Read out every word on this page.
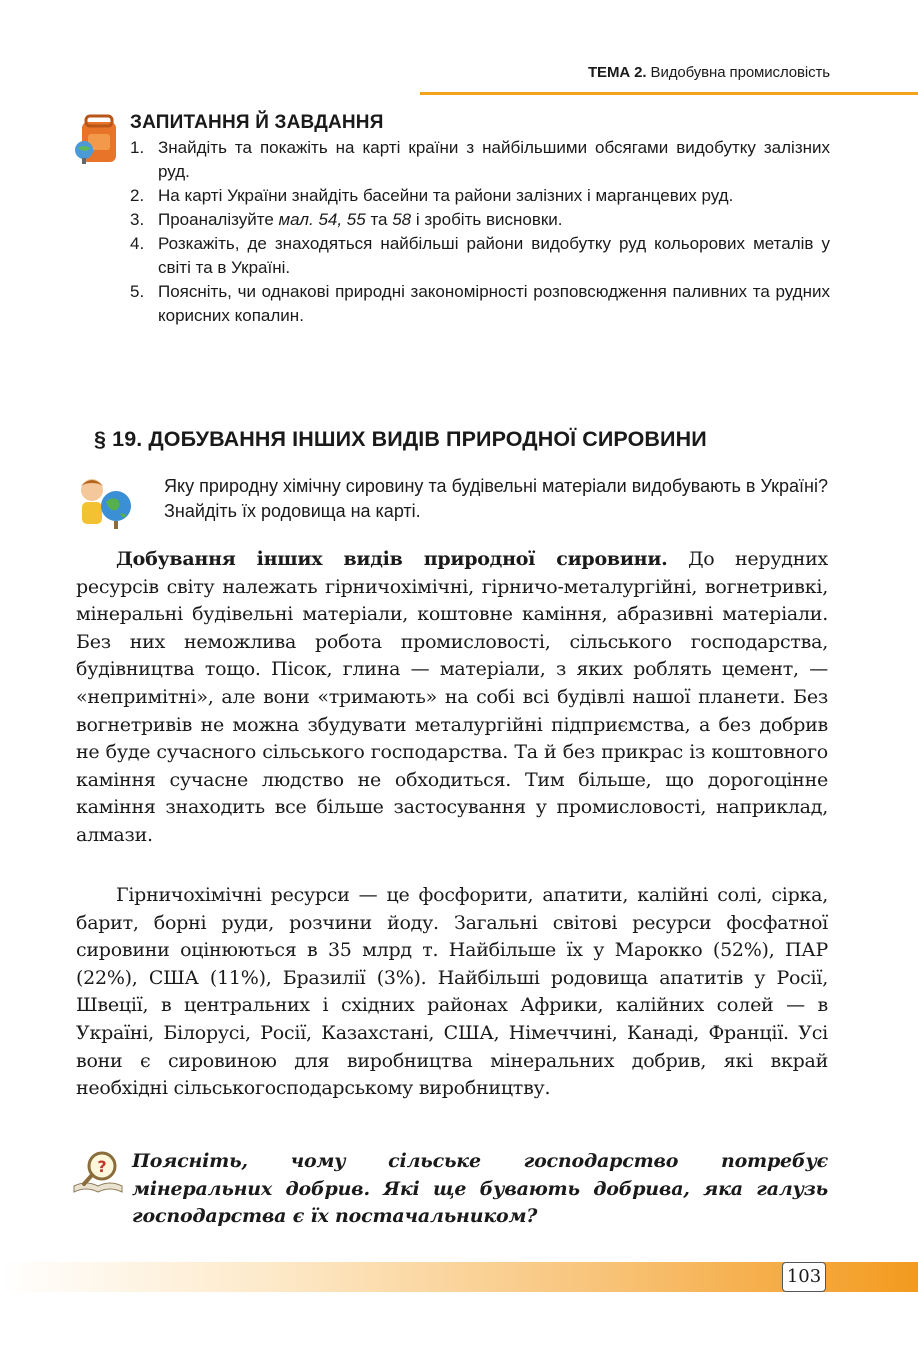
ТЕМА 2. Видобувна промисловість
ЗАПИТАННЯ Й ЗАВДАННЯ
1. Знайдіть та покажіть на карті країни з найбільшими обсягами видобутку залізних руд.
2. На карті України знайдіть басейни та райони залізних і марганцевих руд.
3. Проаналізуйте мал. 54, 55 та 58 і зробіть висновки.
4. Розкажіть, де знаходяться найбільші райони видобутку руд кольорових металів у світі та в Україні.
5. Поясніть, чи однакові природні закономірності розповсюдження паливних та рудних корисних копалин.
§ 19. ДОБУВАННЯ ІНШИХ ВИДІВ ПРИРОДНОЇ СИРОВИНИ
Яку природну хімічну сировину та будівельні матеріали видобувають в Україні? Знайдіть їх родовища на карті.

Добування інших видів природної сировини. До нерудних ресурсів світу належать гірничохімічні, гірничо-металургійні, вогнетривкі, мінеральні будівельні матеріали, коштовне каміння, абразивні матеріали. Без них неможлива робота промисловості, сільського господарства, будівництва тощо. Пісок, глина — матеріали, з яких роблять цемент, — «непримітні», але вони «тримають» на собі всі будівлі нашої планети. Без вогнетривів не можна збудувати металургійні підприємства, а без добрив не буде сучасного сільського господарства. Та й без прикрас із коштовного каміння сучасне людство не обходиться. Тим більше, що дорогоцінне каміння знаходить все більше застосування у промисловості, наприклад, алмази.

Гірничохімічні ресурси — це фосфорити, апатити, калійні солі, сірка, барит, борні руди, розчини йоду. Загальні світові ресурси фосфатної сировини оцінюються в 35 млрд т. Найбільше їх у Марокко (52%), ПАР (22%), США (11%), Бразилії (3%). Найбільші родовища апатитів у Росії, Швеції, в центральних і східних районах Африки, калійних солей — в Україні, Білорусі, Росії, Казахстані, США, Німеччині, Канаді, Франції. Усі вони є сировиною для виробництва мінеральних добрив, які вкрай необхідні сільськогосподарському виробництву.

? Поясніть, чому сільське господарство потребує мінеральних добрив. Які ще бувають добрива, яка галузь господарства є їх постачальником?
103
